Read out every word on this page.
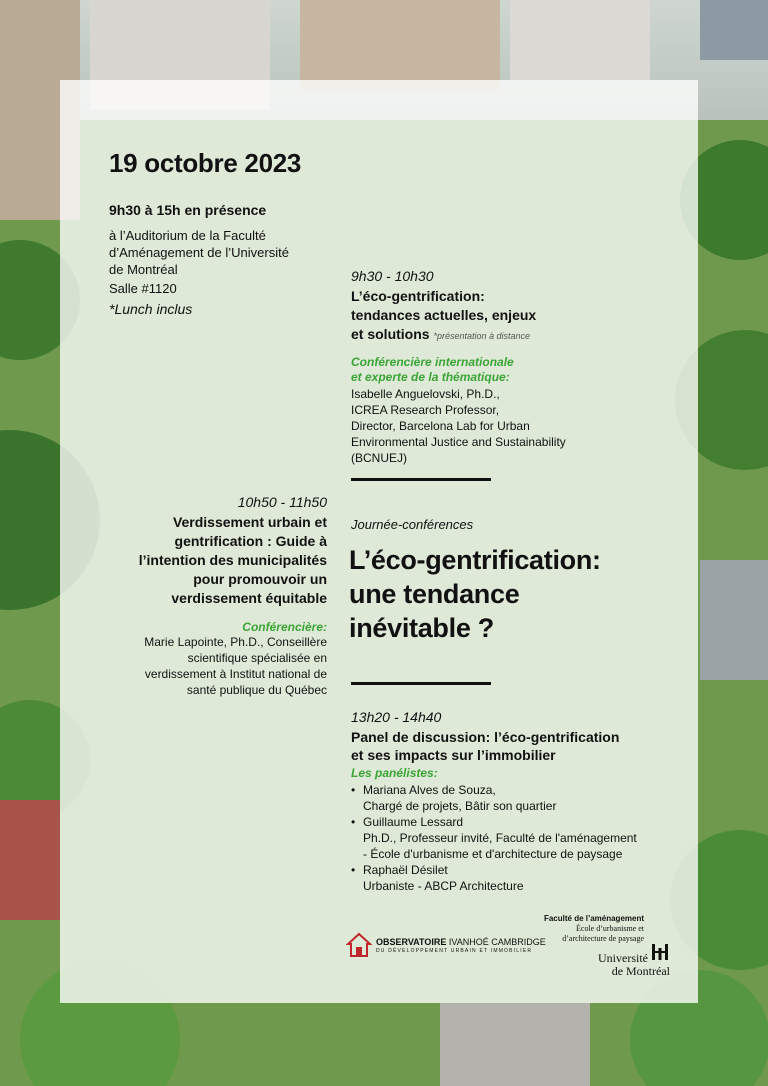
19 octobre 2023
9h30 à 15h en présence
à l’Auditorium de la Faculté
d’Aménagement de l’Université
de Montréal
Salle #1120
*Lunch inclus
9h30 - 10h30
L’éco-gentrification:
tendances actuelles, enjeux
et solutions *présentation à distance
Conférencière internationale
et experte de la thématique:
Isabelle Anguelovski, Ph.D.,
ICREA Research Professor,
Director, Barcelona Lab for Urban
Environmental Justice and Sustainability
(BCNUEJ)
10h50 - 11h50
Verdissement urbain et
gentrification : Guide à
l’intention des municipalités
pour promouvoir un
verdissement équitable
Conférencière:
Marie Lapointe, Ph.D., Conseillère
scientifique spécialisée en
verdissement à Institut national de
santé publique du Québec
Journée-conférences
L’éco-gentrification:
une tendance
inévitable ?
13h20 - 14h40
Panel de discussion: l’éco-gentrification
et ses impacts sur l’immobilier
Les panélistes:
• Mariana Alves de Souza,
Chargé de projets, Bâtir son quartier
• Guillaume Lessard
Ph.D., Professeur invité, Faculté de l'aménagement
- École d'urbanisme et d'architecture de paysage
• Raphaël Désilet
Urbaniste - ABCP Architecture
OBSERVATOIRE IVANHOÉ CAMBRIDGE
DU DÉVELOPPEMENT URBAIN ET IMMOBILIER
Faculté de l’aménagement
École d’urbanisme et
d’architecture de paysage
Université
de Montréal
